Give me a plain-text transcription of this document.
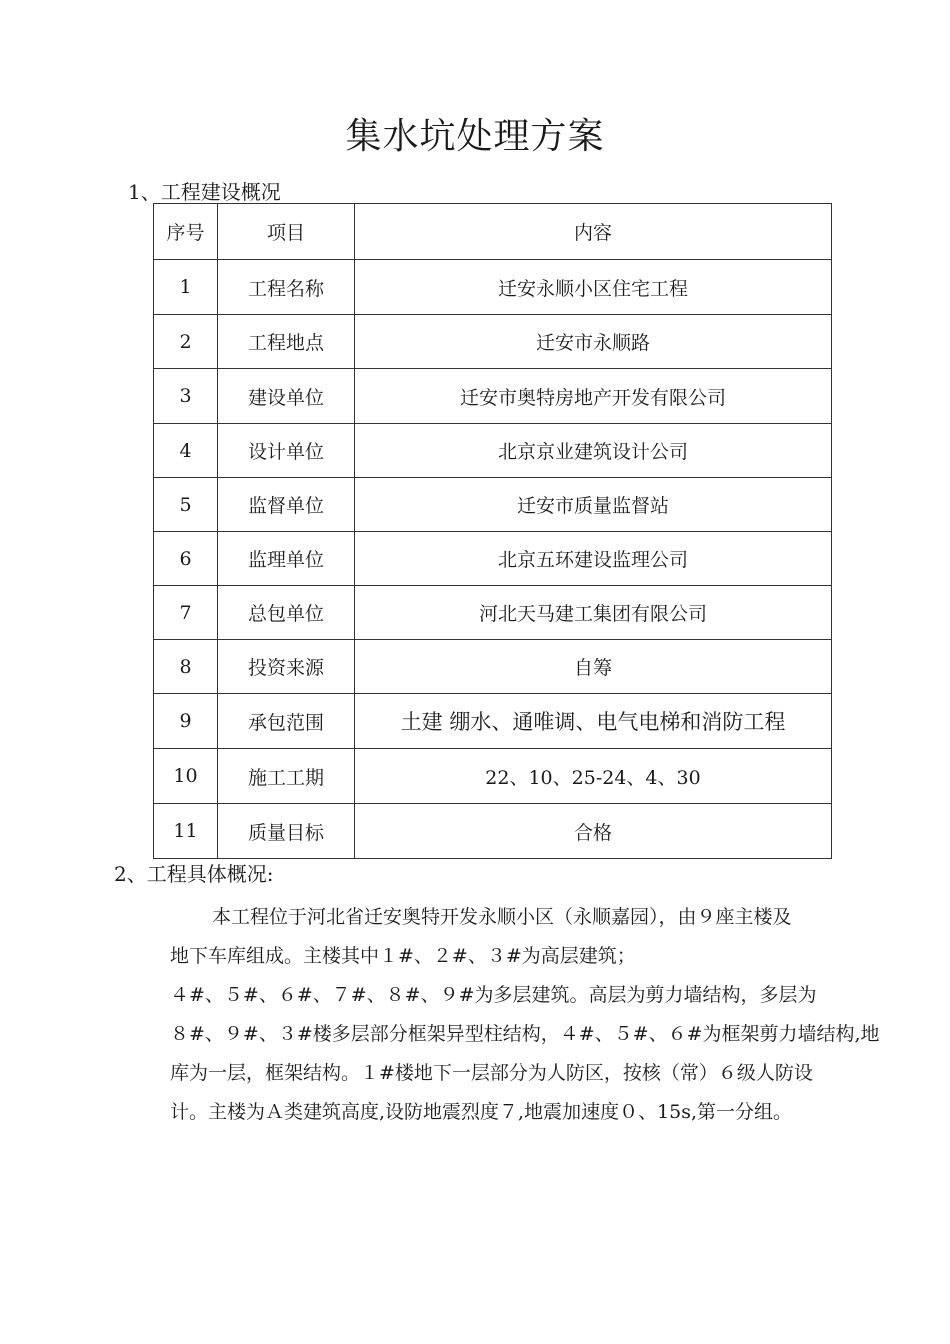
集水坑处理方案
1、工程建设概况
序号	项目	内容
1	工程名称	迁安永顺小区住宅工程
2	工程地点	迁安市永顺路
3	建设单位	迁安市奥特房地产开发有限公司
4	设计单位	北京京业建筑设计公司
5	监督单位	迁安市质量监督站
6	监理单位	北京五环建设监理公司
7	总包单位	河北天马建工集团有限公司
8	投资来源	自筹
9	承包范围	土建 绷水、通唯调、电气电梯和消防工程
10	施工工期	22、10、25-24、4、30
11	质量目标	合格
2、工程具体概况:

本工程位于河北省迁安奥特开发永顺小区（永顺嘉园），由９座主楼及

地下车库组成。主楼其中１#、２#、３#为高层建筑；

４#、５#、６#、７#、８#、９#为多层建筑。高层为剪力墙结构，多层为

８#、９#、３#楼多层部分框架异型柱结构，４#、５#、６#为框架剪力墙结构,地

库为一层，框架结构。１#楼地下一层部分为人防区，按核（常）６级人防设

计。主楼为Ａ类建筑高度,设防地震烈度７,地震加速度０、15s,第一分组。
